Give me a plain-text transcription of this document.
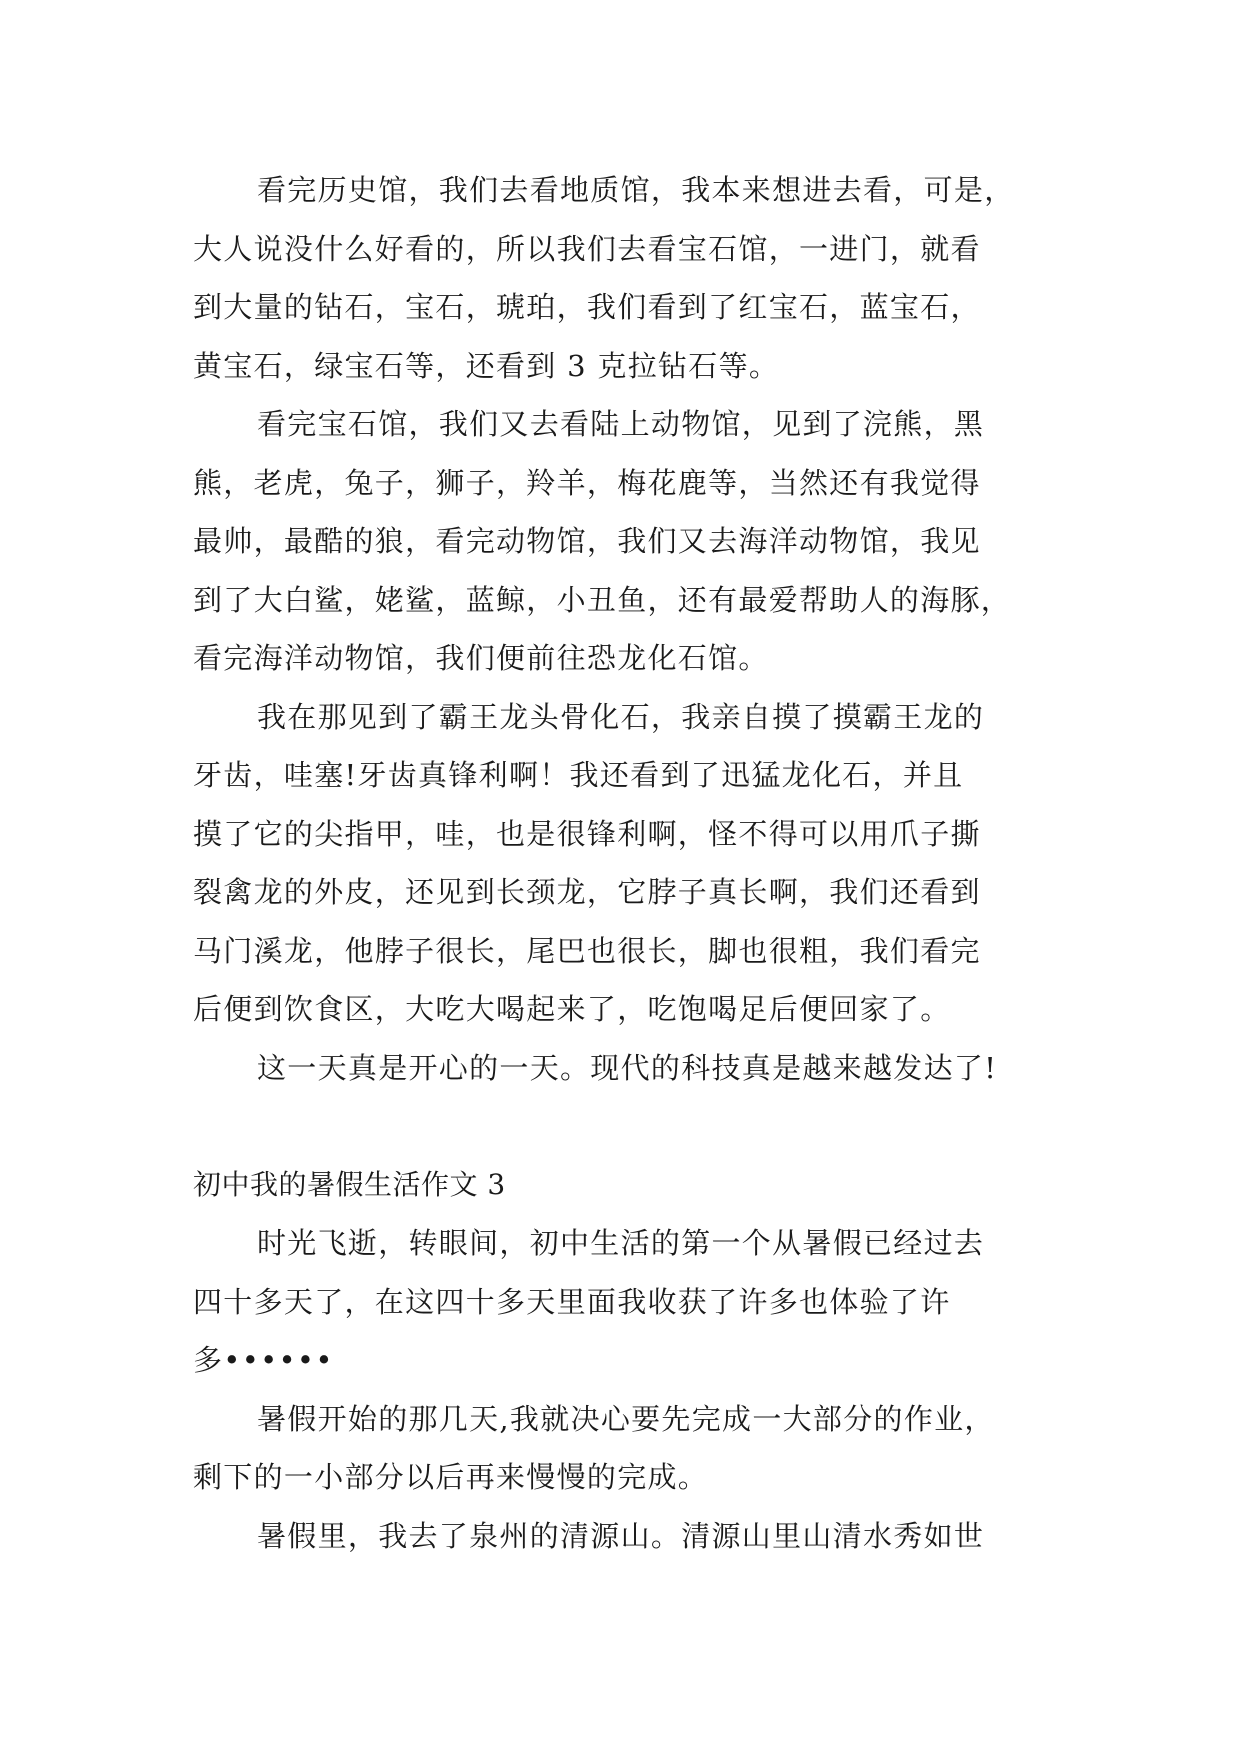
看完历史馆，我们去看地质馆，我本来想进去看，可是，
大人说没什么好看的，所以我们去看宝石馆，一进门，就看
到大量的钻石，宝石，琥珀，我们看到了红宝石，蓝宝石，
黄宝石，绿宝石等，还看到 3 克拉钻石等。
看完宝石馆，我们又去看陆上动物馆，见到了浣熊，黑
熊，老虎，兔子，狮子，羚羊，梅花鹿等，当然还有我觉得
最帅，最酷的狼，看完动物馆，我们又去海洋动物馆，我见
到了大白鲨，姥鲨，蓝鲸，小丑鱼，还有最爱帮助人的海豚，
看完海洋动物馆，我们便前往恐龙化石馆。
我在那见到了霸王龙头骨化石，我亲自摸了摸霸王龙的
牙齿，哇塞!牙齿真锋利啊！我还看到了迅猛龙化石，并且
摸了它的尖指甲，哇，也是很锋利啊，怪不得可以用爪子撕
裂禽龙的外皮，还见到长颈龙，它脖子真长啊，我们还看到
马门溪龙，他脖子很长，尾巴也很长，脚也很粗，我们看完
后便到饮食区，大吃大喝起来了，吃饱喝足后便回家了。
这一天真是开心的一天。现代的科技真是越来越发达了!
初中我的暑假生活作文 3
时光飞逝，转眼间，初中生活的第一个从暑假已经过去
四十多天了，在这四十多天里面我收获了许多也体验了许
多••••••
暑假开始的那几天,我就决心要先完成一大部分的作业，
剩下的一小部分以后再来慢慢的完成。
暑假里，我去了泉州的清源山。清源山里山清水秀如世
